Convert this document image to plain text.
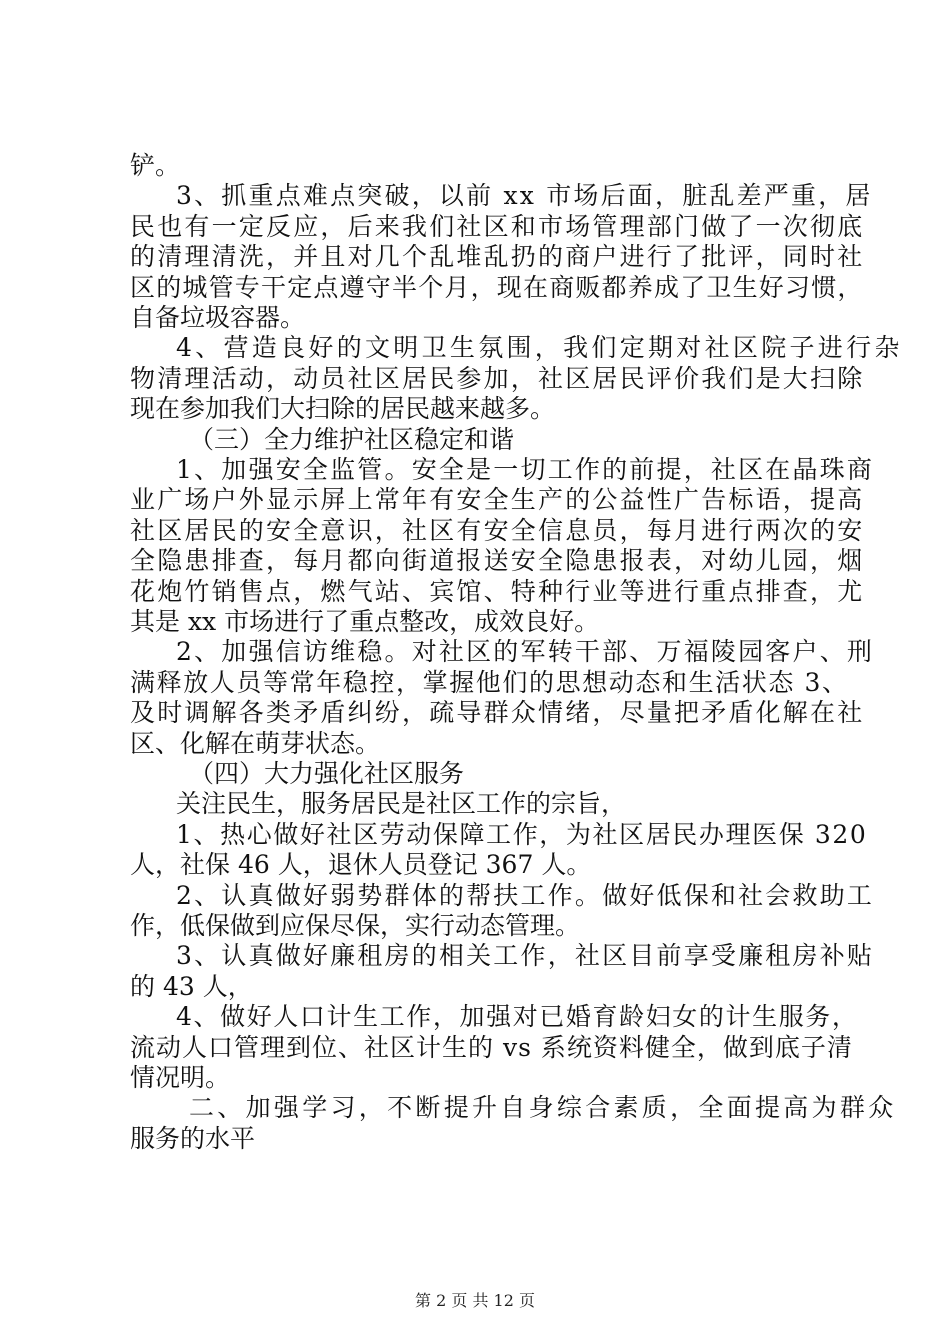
铲。
3、抓重点难点突破，以前 xx 市场后面，脏乱差严重，居
民也有一定反应，后来我们社区和市场管理部门做了一次彻底
的清理清洗，并且对几个乱堆乱扔的商户进行了批评，同时社
区的城管专干定点遵守半个月，现在商贩都养成了卫生好习惯，
自备垃圾容器。
4、营造良好的文明卫生氛围，我们定期对社区院子进行杂
物清理活动，动员社区居民参加，社区居民评价我们是大扫除
现在参加我们大扫除的居民越来越多。
（三）全力维护社区稳定和谐
1、加强安全监管。安全是一切工作的前提，社区在晶珠商
业广场户外显示屏上常年有安全生产的公益性广告标语，提高
社区居民的安全意识，社区有安全信息员，每月进行两次的安
全隐患排查，每月都向街道报送安全隐患报表，对幼儿园，烟
花炮竹销售点，燃气站、宾馆、特种行业等进行重点排查，尤
其是 xx 市场进行了重点整改，成效良好。
2、加强信访维稳。对社区的军转干部、万福陵园客户、刑
满释放人员等常年稳控，掌握他们的思想动态和生活状态 3、
及时调解各类矛盾纠纷，疏导群众情绪，尽量把矛盾化解在社
区、化解在萌芽状态。
（四）大力强化社区服务
关注民生，服务居民是社区工作的宗旨，
1、热心做好社区劳动保障工作，为社区居民办理医保 320
人，社保 46 人，退休人员登记 367 人。
2、认真做好弱势群体的帮扶工作。做好低保和社会救助工
作，低保做到应保尽保，实行动态管理。
3、认真做好廉租房的相关工作，社区目前享受廉租房补贴
的 43 人，
4、做好人口计生工作，加强对已婚育龄妇女的计生服务，
流动人口管理到位、社区计生的 vs 系统资料健全，做到底子清
情况明。
二、加强学习，不断提升自身综合素质，全面提高为群众
服务的水平
第 2 页 共 12 页
